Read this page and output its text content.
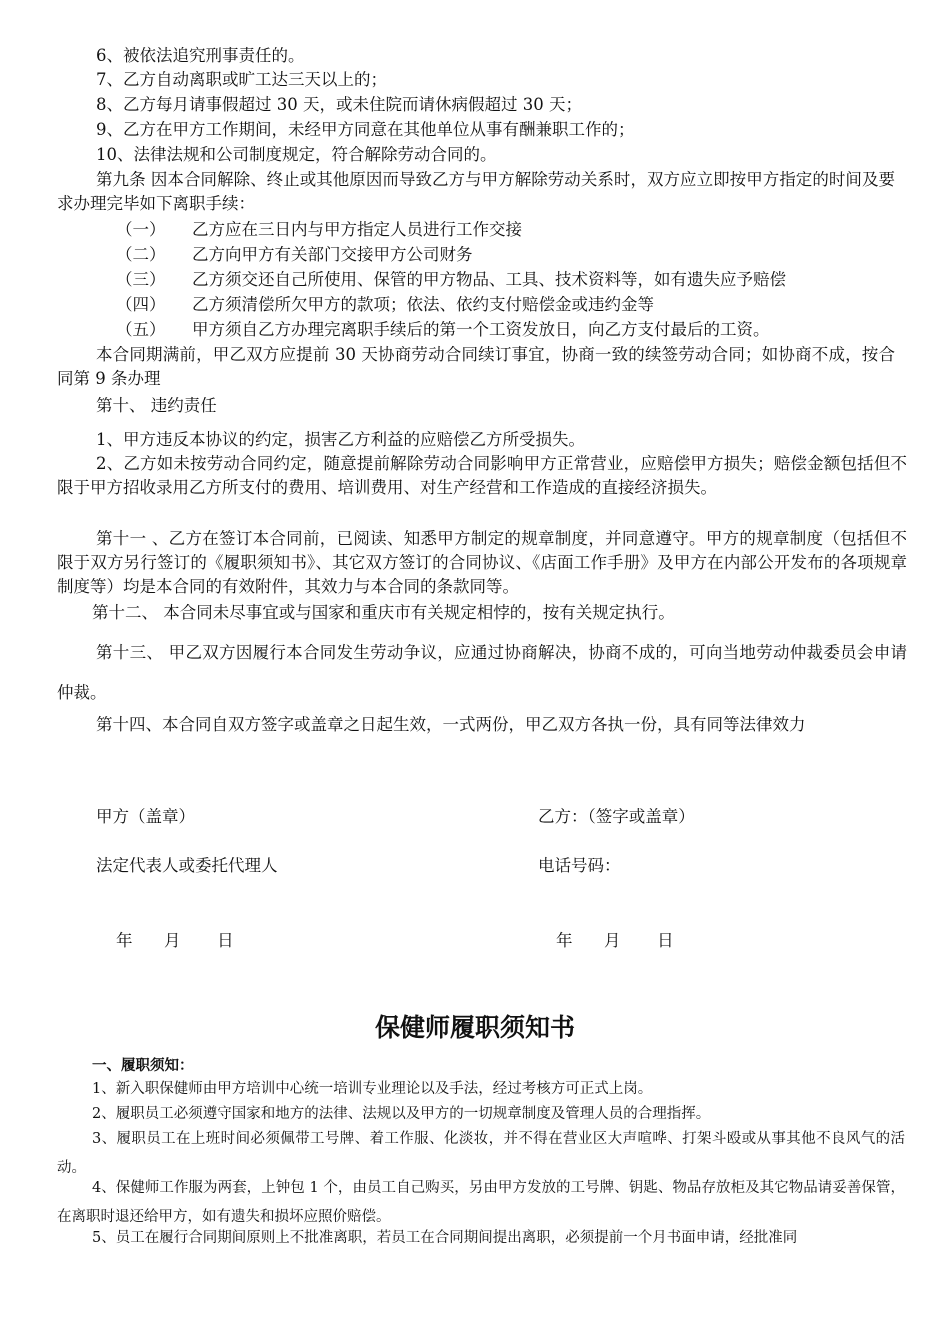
6、被依法追究刑事责任的。
7、乙方自动离职或旷工达三天以上的；
8、乙方每月请事假超过 30 天，或未住院而请休病假超过 30 天；
9、乙方在甲方工作期间，未经甲方同意在其他单位从事有酬兼职工作的；
10、法律法规和公司制度规定，符合解除劳动合同的。
第九条 因本合同解除、终止或其他原因而导致乙方与甲方解除劳动关系时，双方应立即按甲方指定的时间及要求办理完毕如下离职手续：
（一） 乙方应在三日内与甲方指定人员进行工作交接
（二） 乙方向甲方有关部门交接甲方公司财务
（三） 乙方须交还自己所使用、保管的甲方物品、工具、技术资料等，如有遗失应予赔偿
（四） 乙方须清偿所欠甲方的款项；依法、依约支付赔偿金或违约金等
（五） 甲方须自乙方办理完离职手续后的第一个工资发放日，向乙方支付最后的工资。
本合同期满前，甲乙双方应提前 30 天协商劳动合同续订事宜，协商一致的续签劳动合同；如协商不成，按合同第 9 条办理
第十、 违约责任
1、甲方违反本协议的约定，损害乙方利益的应赔偿乙方所受损失。
2、乙方如未按劳动合同约定，随意提前解除劳动合同影响甲方正常营业，应赔偿甲方损失；赔偿金额包括但不限于甲方招收录用乙方所支付的费用、培训费用、对生产经营和工作造成的直接经济损失。
第十一 、乙方在签订本合同前，已阅读、知悉甲方制定的规章制度，并同意遵守。甲方的规章制度（包括但不限于双方另行签订的《履职须知书》、其它双方签订的合同协议、《店面工作手册》及甲方在内部公开发布的各项规章制度等）均是本合同的有效附件，其效力与本合同的条款同等。
第十二、 本合同未尽事宜或与国家和重庆市有关规定相悖的，按有关规定执行。
第十三、 甲乙双方因履行本合同发生劳动争议，应通过协商解决，协商不成的，可向当地劳动仲裁委员会申请仲裁。
第十四、本合同自双方签字或盖章之日起生效，一式两份，甲乙双方各执一份，具有同等法律效力
甲方（盖章）	乙方：（签字或盖章）
法定代表人或委托代理人	电话号码：
年      月       日	年      月       日
保健师履职须知书
一、履职须知：
1、新入职保健师由甲方培训中心统一培训专业理论以及手法，经过考核方可正式上岗。
2、履职员工必须遵守国家和地方的法律、法规以及甲方的一切规章制度及管理人员的合理指挥。
3、履职员工在上班时间必须佩带工号牌、着工作服、化淡妆，并不得在营业区大声喧哗、打架斗殴或从事其他不良风气的活动。
4、保健师工作服为两套，上钟包 1 个，由员工自己购买，另由甲方发放的工号牌、钥匙、物品存放柜及其它物品请妥善保管，在离职时退还给甲方，如有遗失和损坏应照价赔偿。
5、员工在履行合同期间原则上不批准离职，若员工在合同期间提出离职，必须提前一个月书面申请，经批准同
